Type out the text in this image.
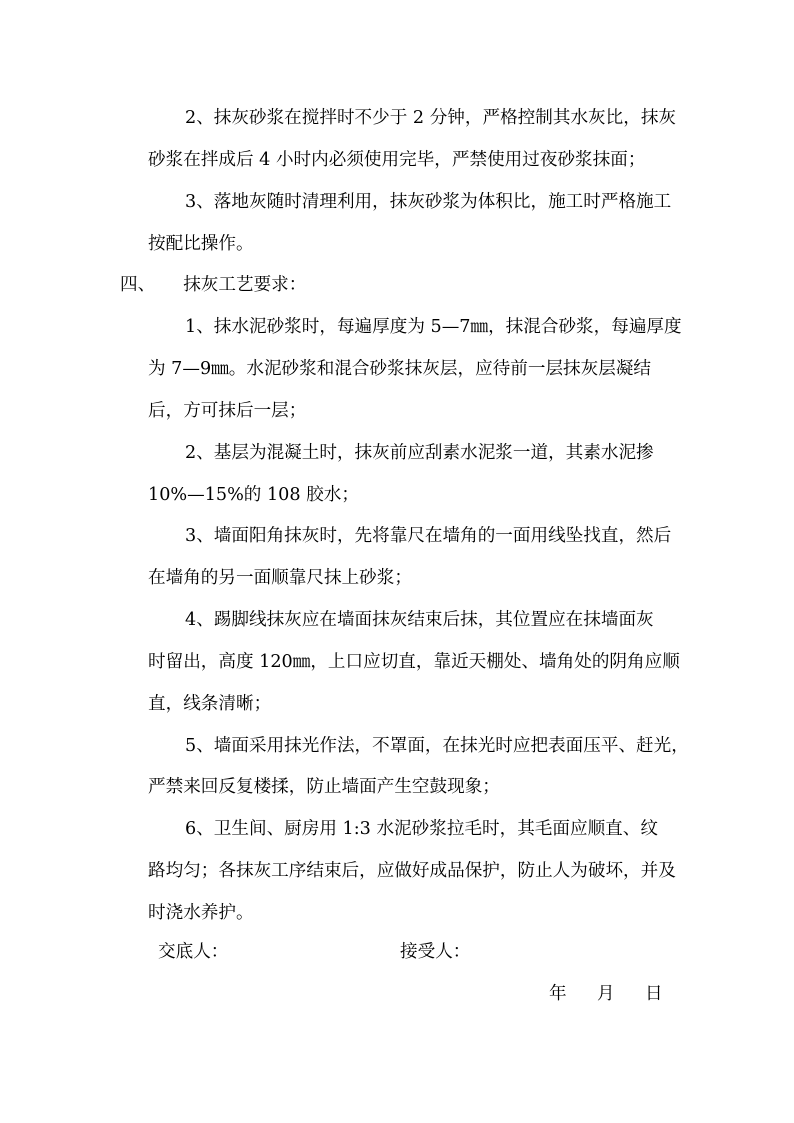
2、抹灰砂浆在搅拌时不少于 2 分钟，严格控制其水灰比，抹灰
砂浆在拌成后 4 小时内必须使用完毕，严禁使用过夜砂浆抹面；
3、落地灰随时清理利用，抹灰砂浆为体积比，施工时严格施工
按配比操作。
四、 抹灰工艺要求：
1、抹水泥砂浆时，每遍厚度为 5—7㎜，抹混合砂浆，每遍厚度
为 7—9㎜。水泥砂浆和混合砂浆抹灰层，应待前一层抹灰层凝结
后，方可抹后一层；
2、基层为混凝土时，抹灰前应刮素水泥浆一道，其素水泥掺
10%—15%的 108 胶水；
3、墙面阳角抹灰时，先将靠尺在墙角的一面用线坠找直，然后
在墙角的另一面顺靠尺抹上砂浆；
4、踢脚线抹灰应在墙面抹灰结束后抹，其位置应在抹墙面灰
时留出，高度 120㎜，上口应切直，靠近天棚处、墙角处的阴角应顺
直，线条清晰；
5、墙面采用抹光作法，不罩面，在抹光时应把表面压平、赶光，
严禁来回反复楼揉，防止墙面产生空鼓现象；
6、卫生间、厨房用 1:3 水泥砂浆拉毛时，其毛面应顺直、纹
路均匀；各抹灰工序结束后，应做好成品保护，防止人为破坏，并及
时浇水养护。
交底人：	接受人：
年 月 日
